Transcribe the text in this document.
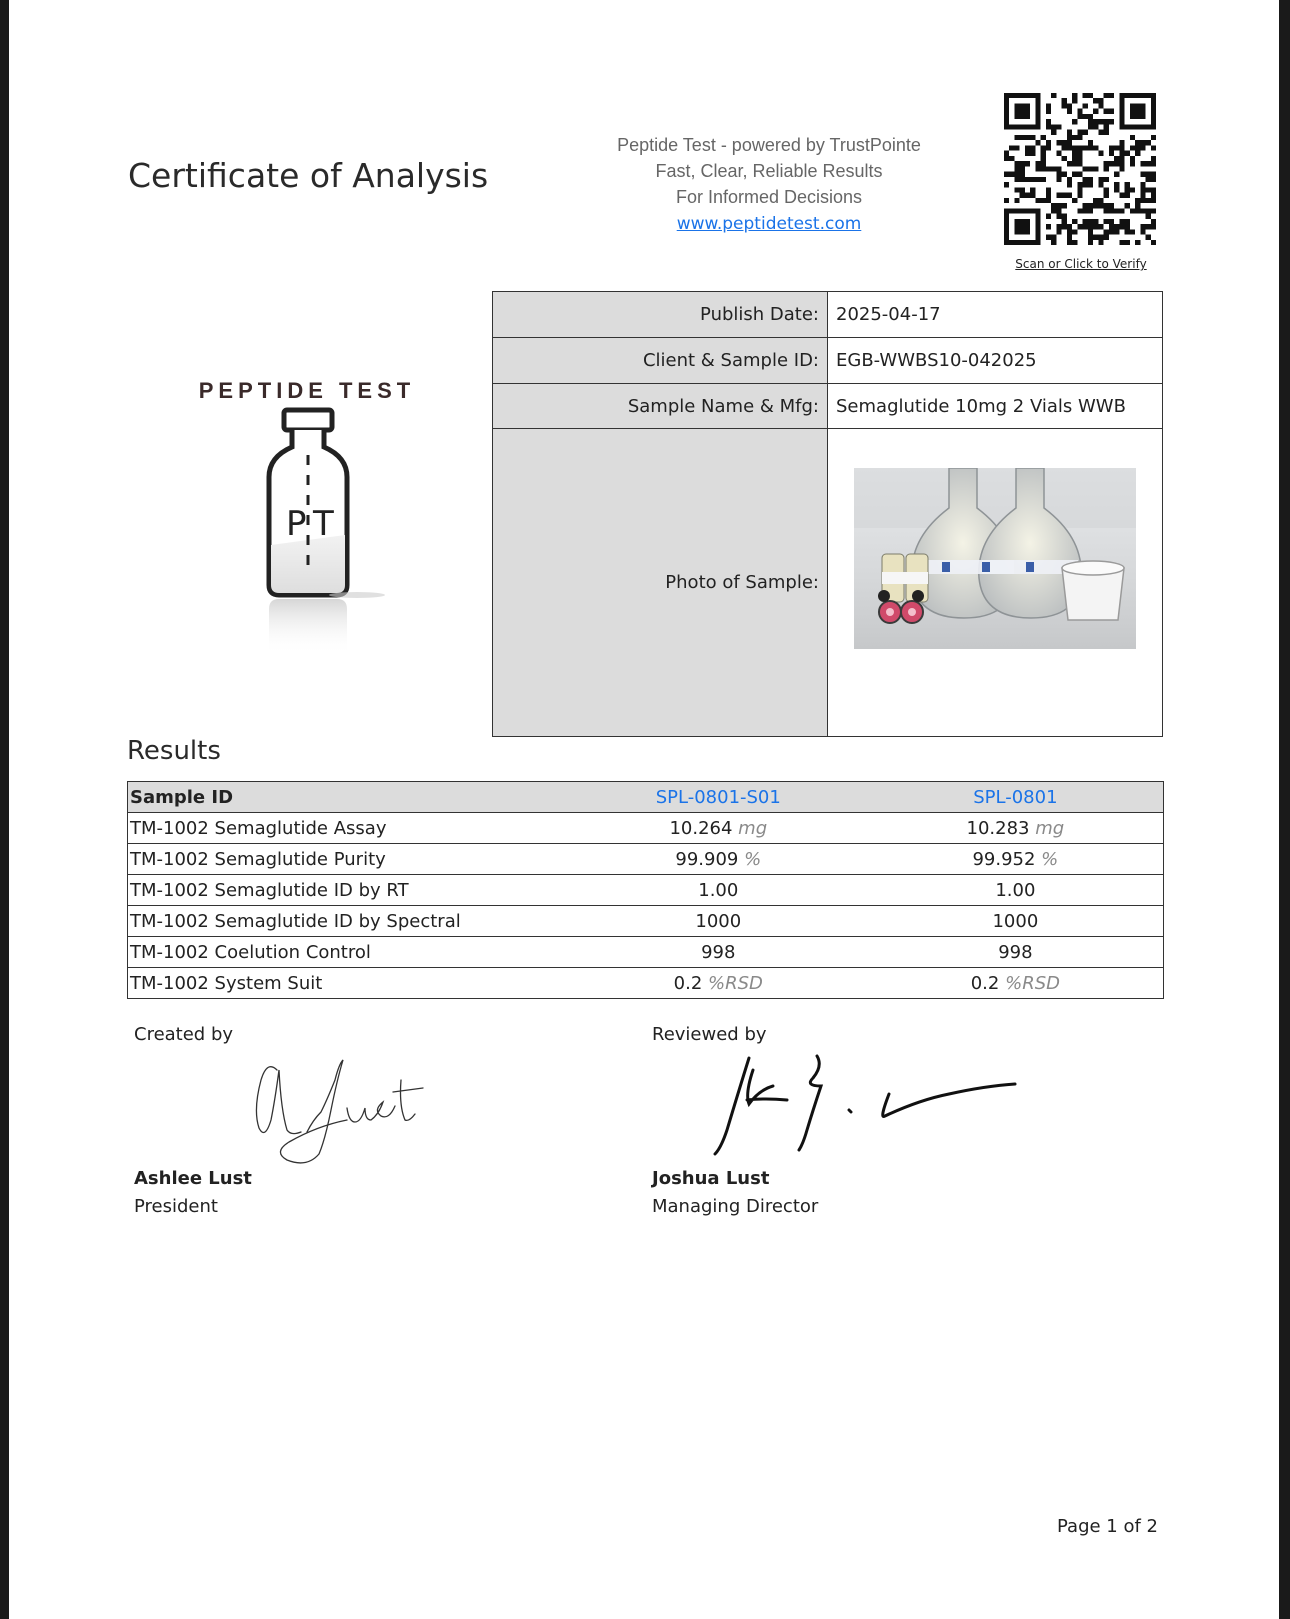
Certificate of Analysis
Peptide Test - powered by TrustPointe
Fast, Clear, Reliable Results
For Informed Decisions
www.peptidetest.com
Scan or Click to Verify
PEPTIDE TEST
P T
Publish Date: 2025-04-17
Client & Sample ID: EGB-WWBS10-042025
Sample Name & Mfg: Semaglutide 10mg 2 Vials WWB
Photo of Sample:
Results
Sample ID	SPL-0801-S01	SPL-0801
TM-1002 Semaglutide Assay	10.264 mg	10.283 mg
TM-1002 Semaglutide Purity	99.909 %	99.952 %
TM-1002 Semaglutide ID by RT	1.00	1.00
TM-1002 Semaglutide ID by Spectral	1000	1000
TM-1002 Coelution Control	998	998
TM-1002 System Suit	0.2 %RSD	0.2 %RSD
Created by
Ashlee Lust
President
Reviewed by
Joshua Lust
Managing Director
Page 1 of 2
